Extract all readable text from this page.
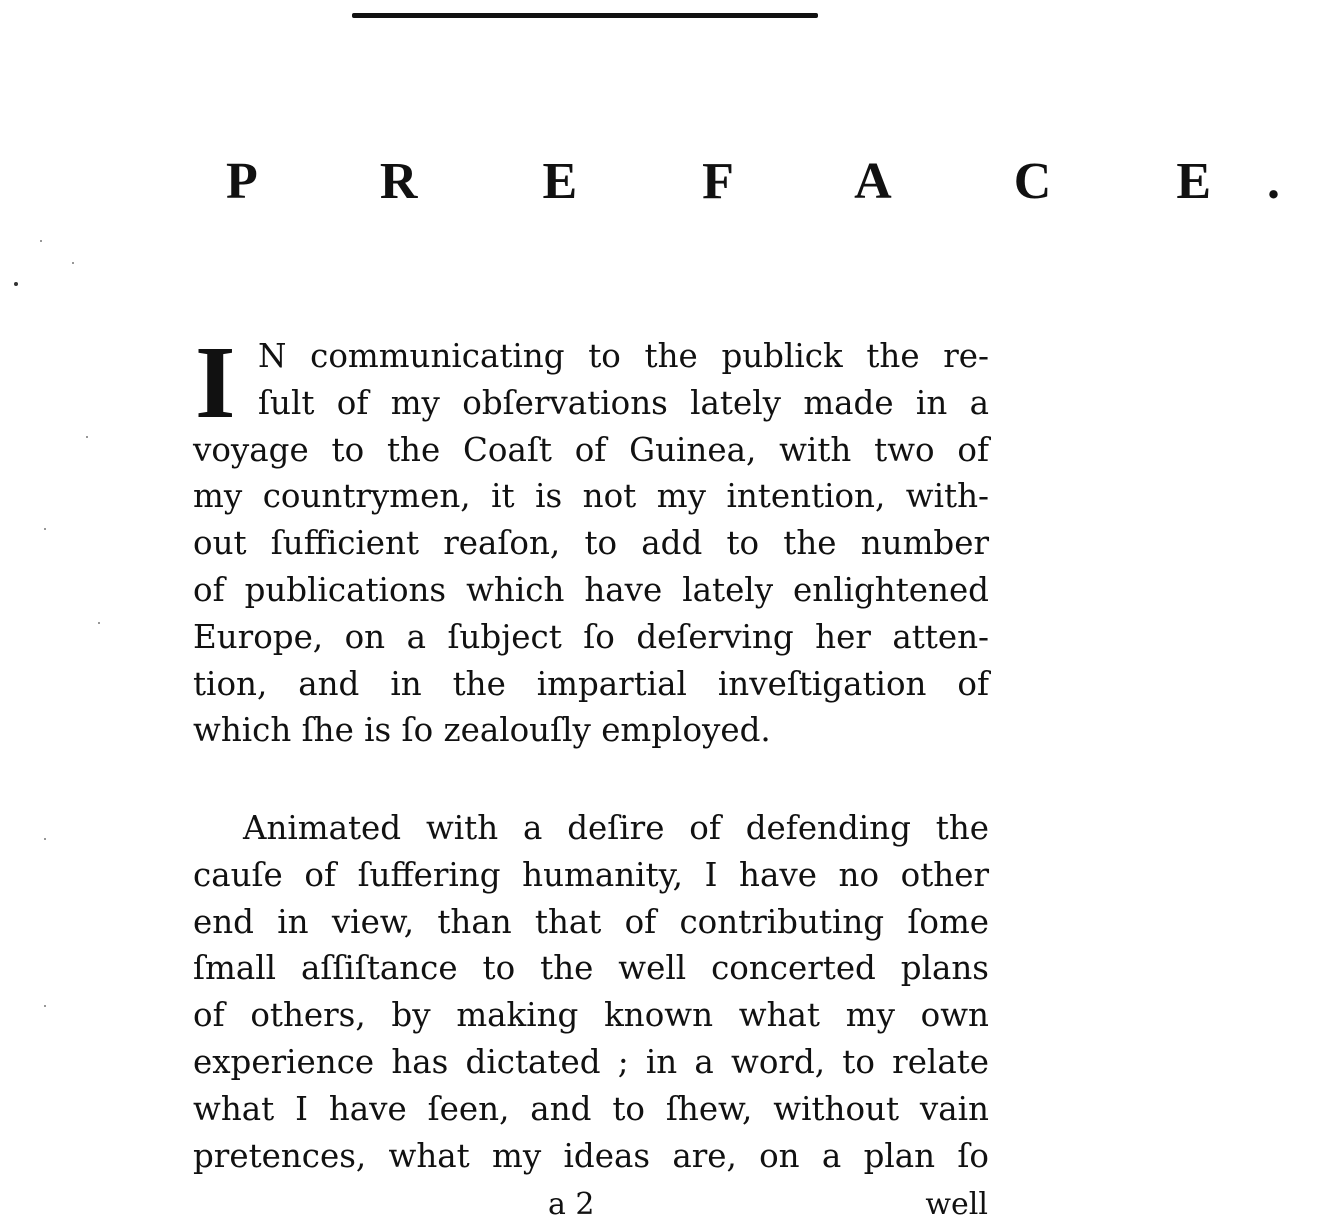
P R E F A C E.
I N communicating to the publick the re-
ſult of my obſervations lately made in a
voyage to the Coaſt of Guinea, with two of
my countrymen, it is not my intention, with-
out ſufficient reaſon, to add to the number
of publications which have lately enlightened
Europe, on a ſubject ſo deſerving her atten-
tion, and in the impartial inveſtigation of
which ſhe is ſo zealouſly employed.
Animated with a deſire of defending the
cauſe of ſuffering humanity, I have no other
end in view, than that of contributing ſome
ſmall aſſiſtance to the well concerted plans
of others, by making known what my own
experience has dictated ; in a word, to relate
what I have ſeen, and to ſhew, without vain
pretences, what my ideas are, on a plan ſo
a 2	well
